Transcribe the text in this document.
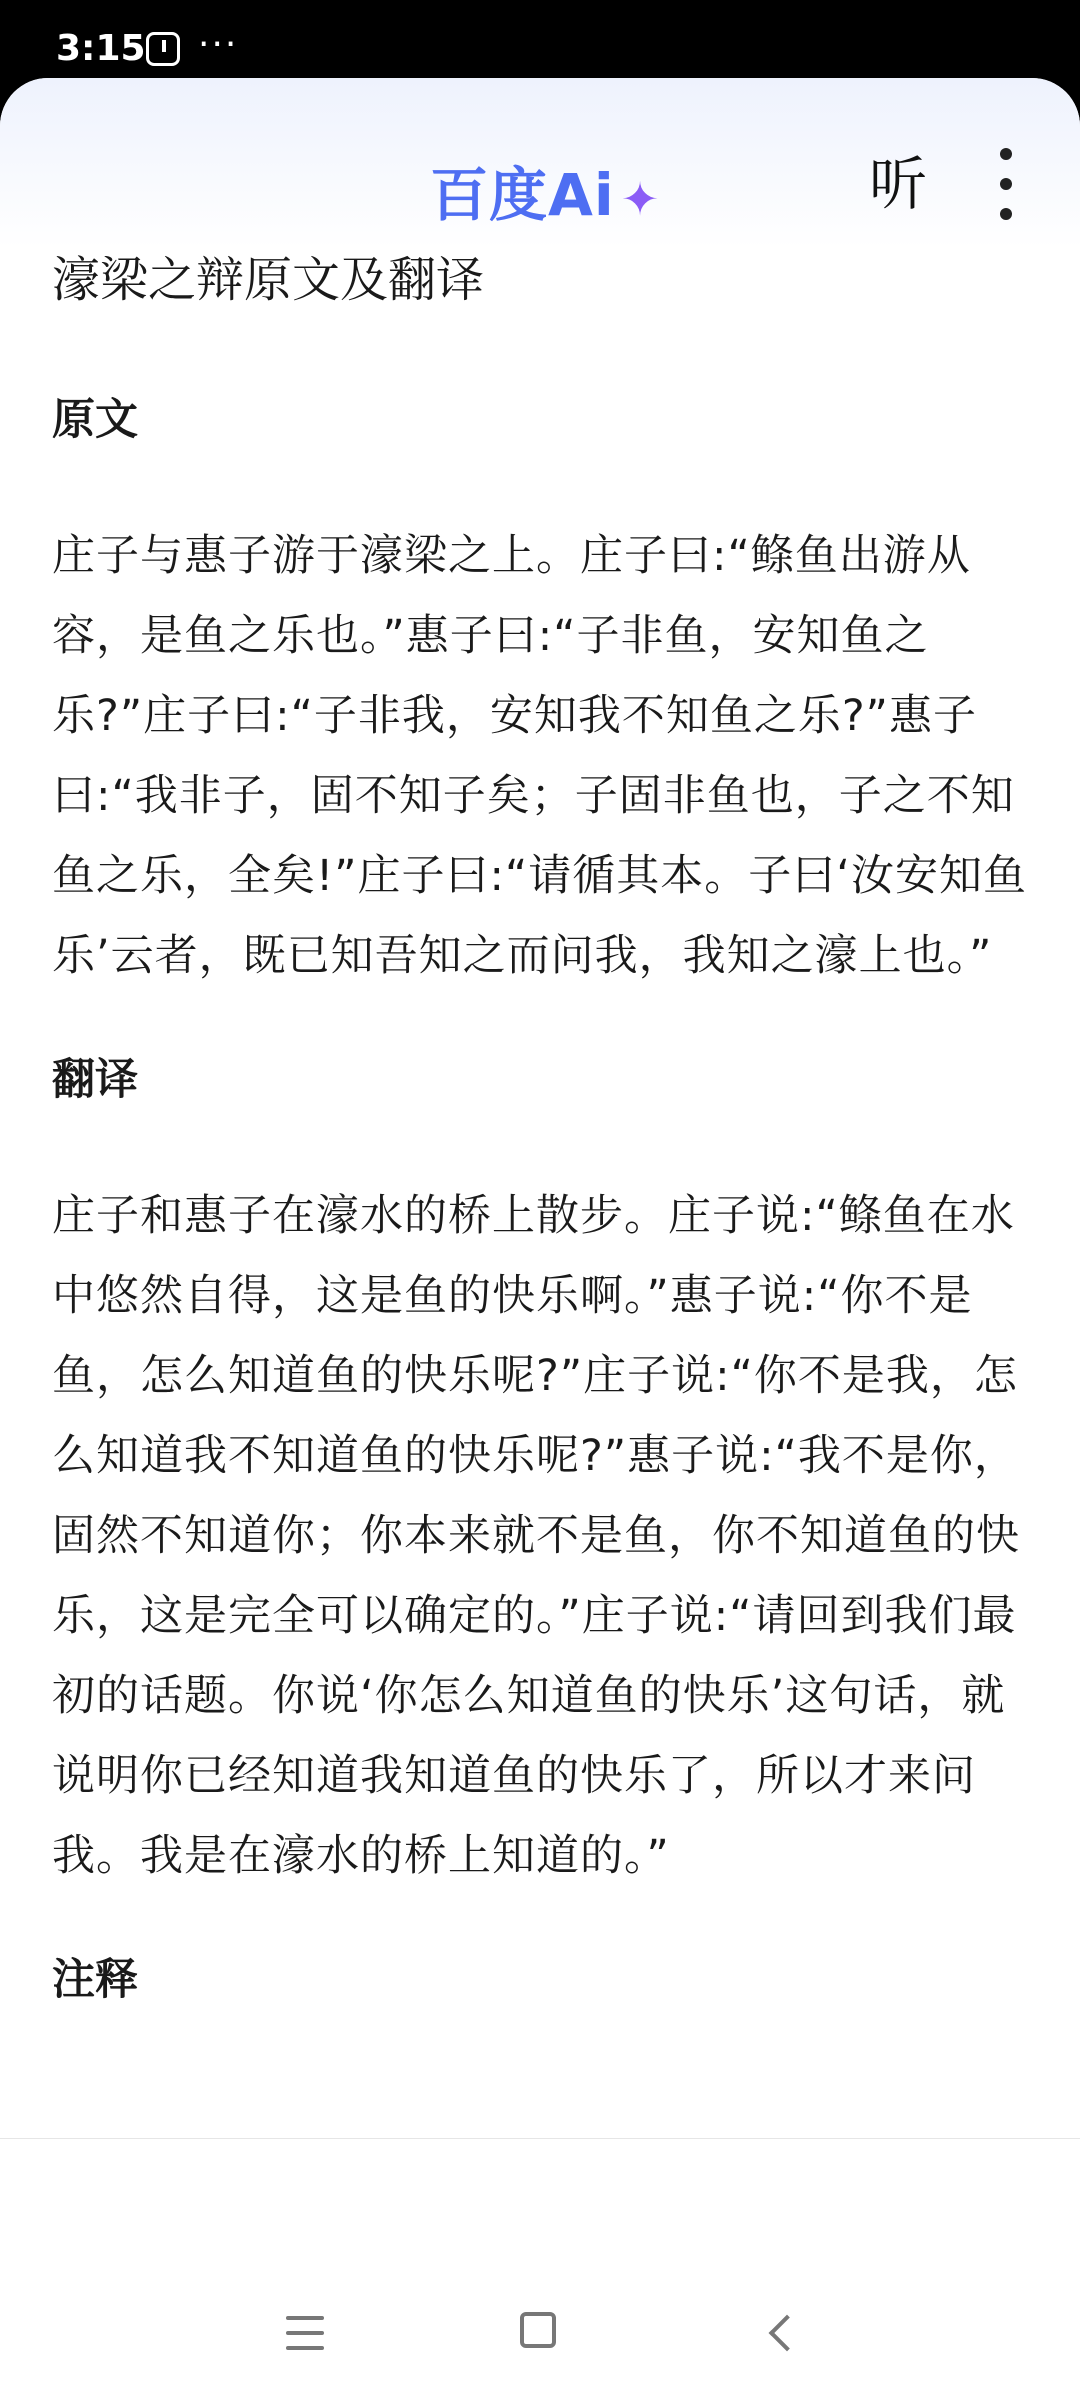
3:15 ···
百度Ai ✦	听
濠梁之辩原文及翻译
原文

庄子与惠子游于濠梁之上。庄子曰:“鲦鱼出游从容，是鱼之乐也。”惠子曰:“子非鱼，安知鱼之乐?”庄子曰:“子非我，安知我不知鱼之乐?”惠子曰:“我非子，固不知子矣；子固非鱼也，子之不知鱼之乐，全矣!”庄子曰:“请循其本。子曰‘汝安知鱼乐’云者，既已知吾知之而问我，我知之濠上也。”

翻译

庄子和惠子在濠水的桥上散步。庄子说:“鲦鱼在水中悠然自得，这是鱼的快乐啊。”惠子说:“你不是鱼，怎么知道鱼的快乐呢?”庄子说:“你不是我，怎么知道我不知道鱼的快乐呢?”惠子说:“我不是你，固然不知道你；你本来就不是鱼，你不知道鱼的快乐，这是完全可以确定的。”庄子说:“请回到我们最初的话题。你说‘你怎么知道鱼的快乐’这句话，就说明你已经知道我知道鱼的快乐了，所以才来问我。我是在濠水的桥上知道的。”

注释
